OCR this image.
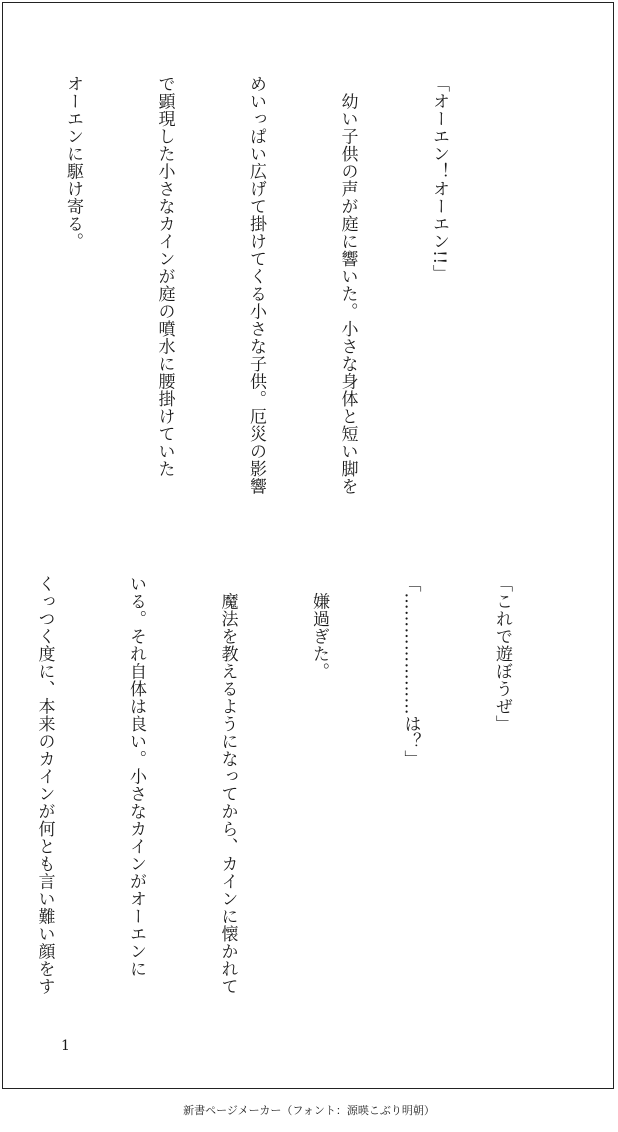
「オーエン！オーエン!!」

　幼い子供の声が庭に響いた。小さな身体と短い脚を

めいっぱい広げて掛けてくる小さな子供。厄災の影響

で顕現した小さなカインが庭の噴水に腰掛けていた

オーエンに駆け寄る。

「これで遊ぼうぜ」

「…………………は？」

　嫌過ぎた。

　魔法を教えるようになってから、カインに懐かれて

いる。それ自体は良い。小さなカインがオーエンに

くっつく度に、本来のカインが何とも言い難い顔をす

1
新書ページメーカー（フォント：源暎こぶり明朝）
